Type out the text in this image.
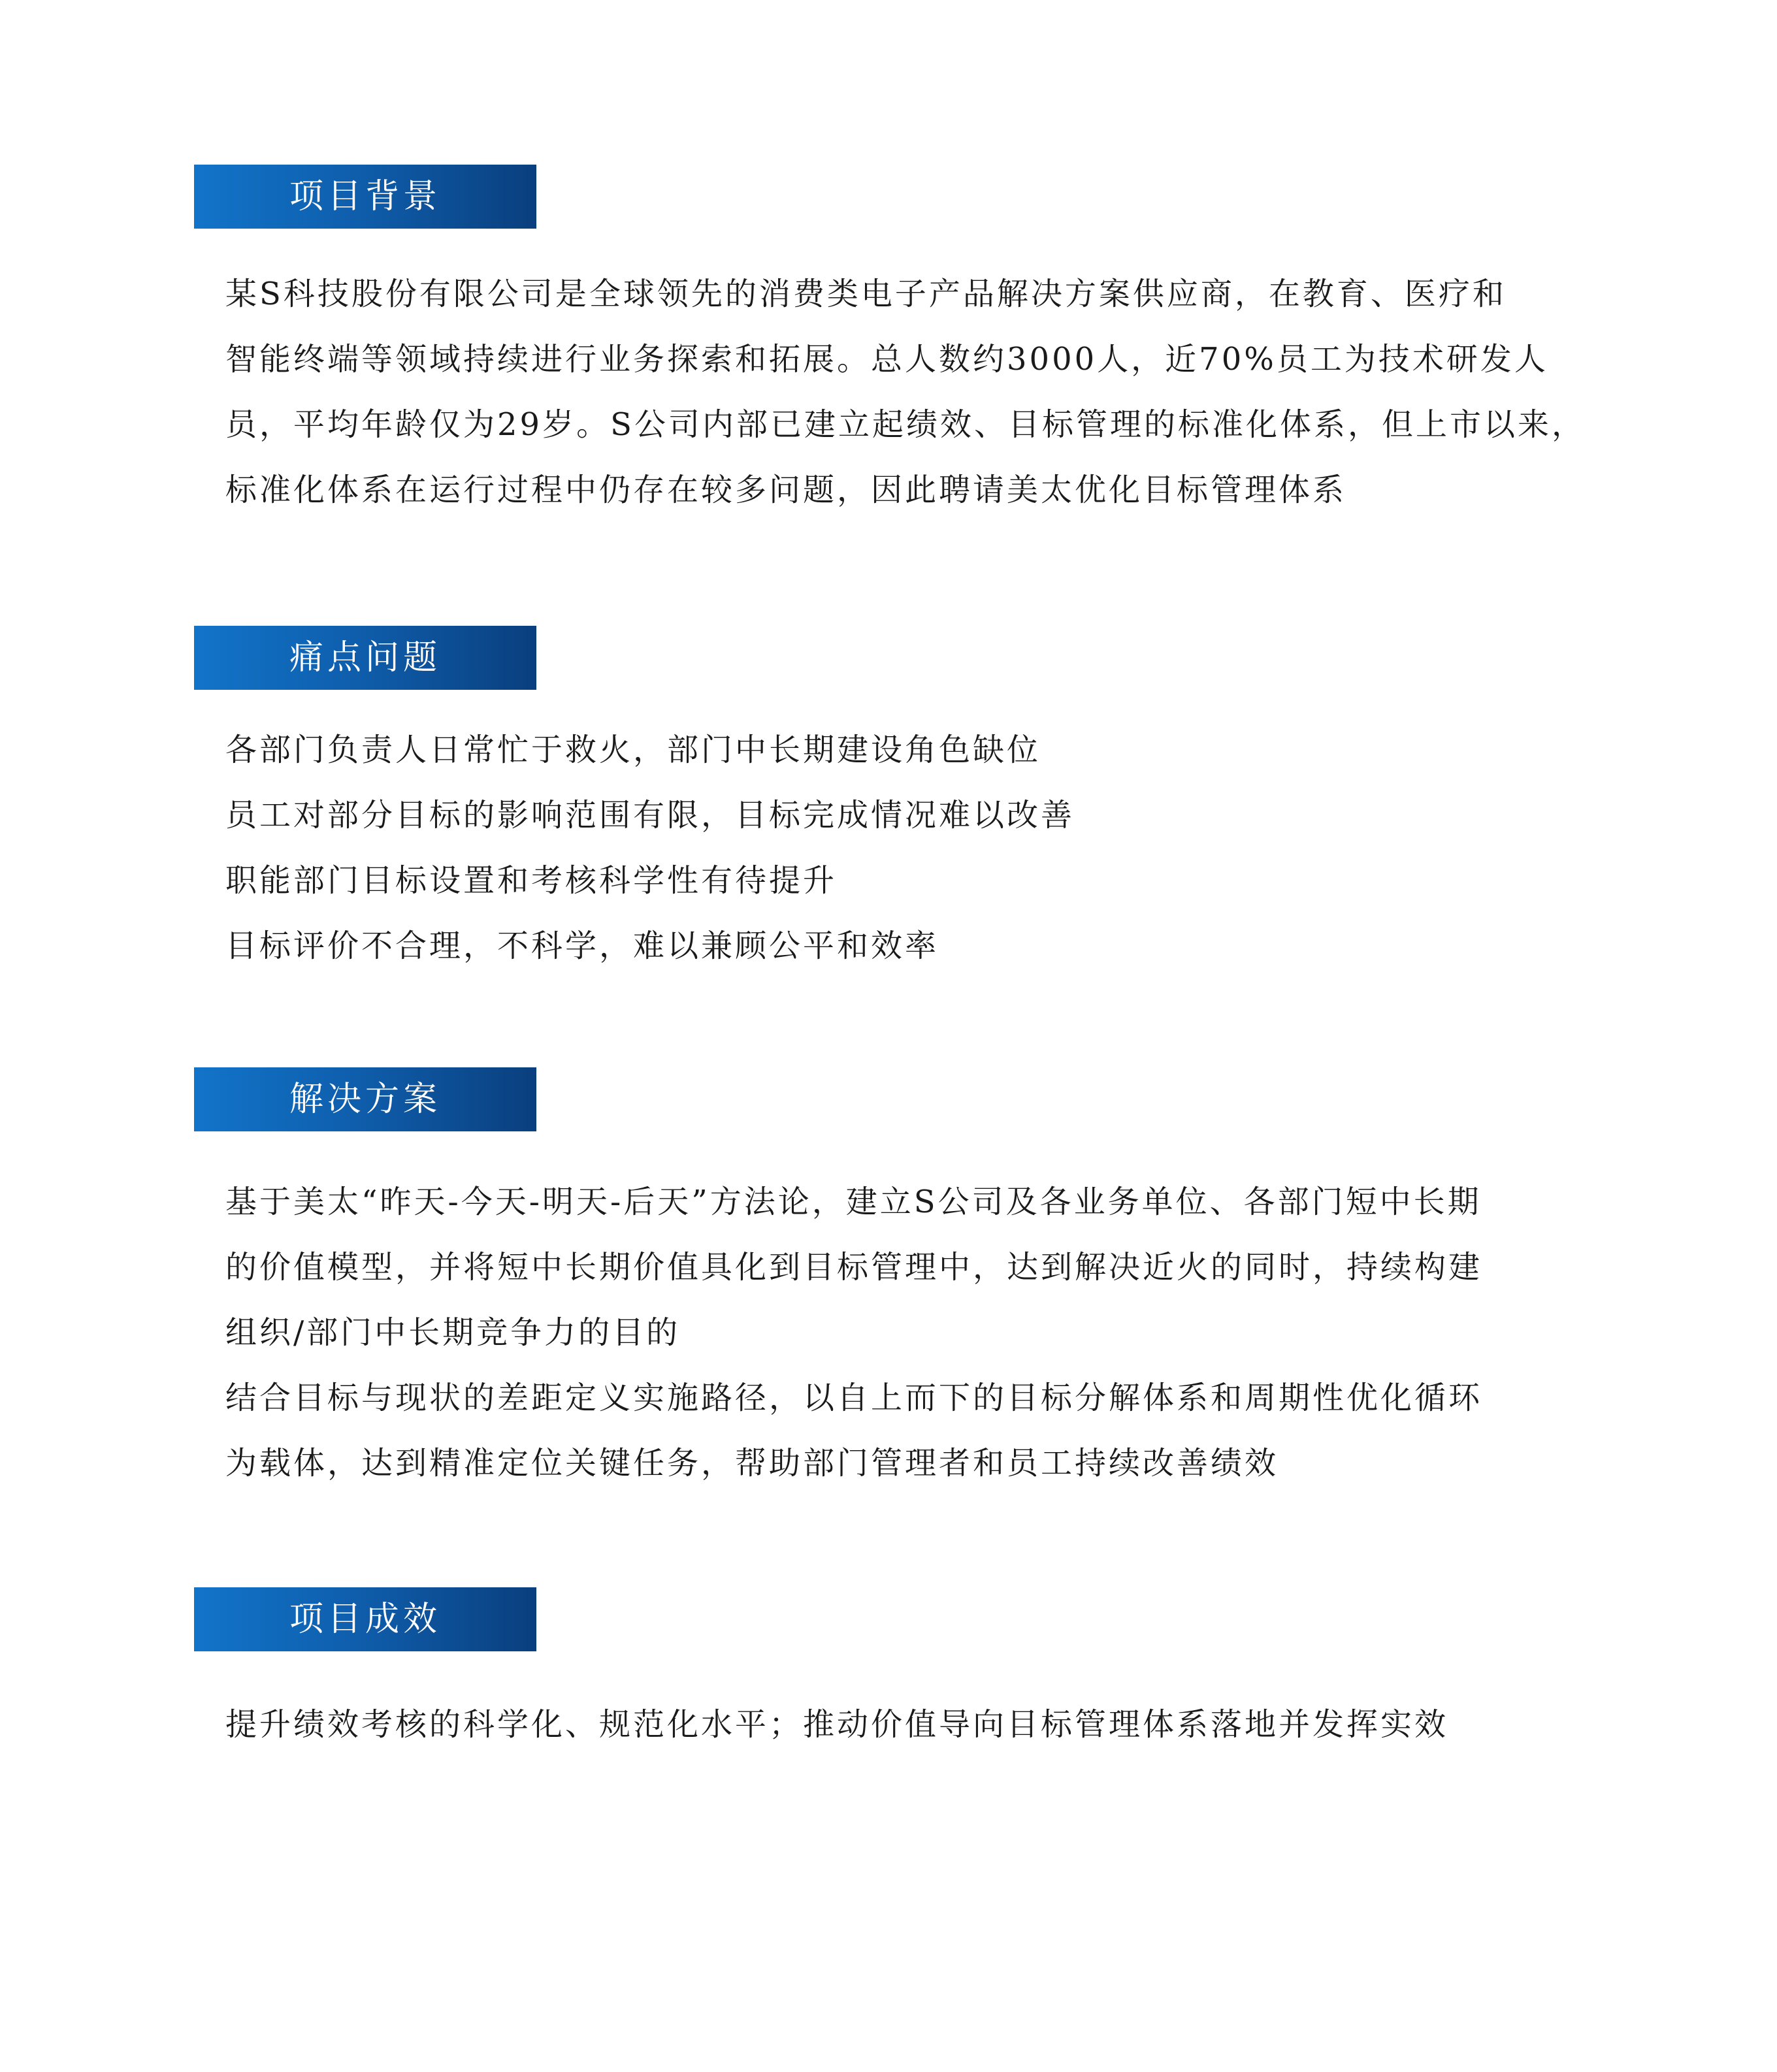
项目背景
某S科技股份有限公司是全球领先的消费类电子产品解决方案供应商，在教育、医疗和
智能终端等领域持续进行业务探索和拓展。总人数约3000人，近70%员工为技术研发人
员，平均年龄仅为29岁。S公司内部已建立起绩效、目标管理的标准化体系，但上市以来，
标准化体系在运行过程中仍存在较多问题，因此聘请美太优化目标管理体系
痛点问题
各部门负责人日常忙于救火，部门中长期建设角色缺位
员工对部分目标的影响范围有限，目标完成情况难以改善
职能部门目标设置和考核科学性有待提升
目标评价不合理，不科学，难以兼顾公平和效率
解决方案
基于美太“昨天-今天-明天-后天”方法论，建立S公司及各业务单位、各部门短中长期
的价值模型，并将短中长期价值具化到目标管理中，达到解决近火的同时，持续构建
组织/部门中长期竞争力的目的
结合目标与现状的差距定义实施路径，以自上而下的目标分解体系和周期性优化循环
为载体，达到精准定位关键任务，帮助部门管理者和员工持续改善绩效
项目成效
提升绩效考核的科学化、规范化水平；推动价值导向目标管理体系落地并发挥实效
